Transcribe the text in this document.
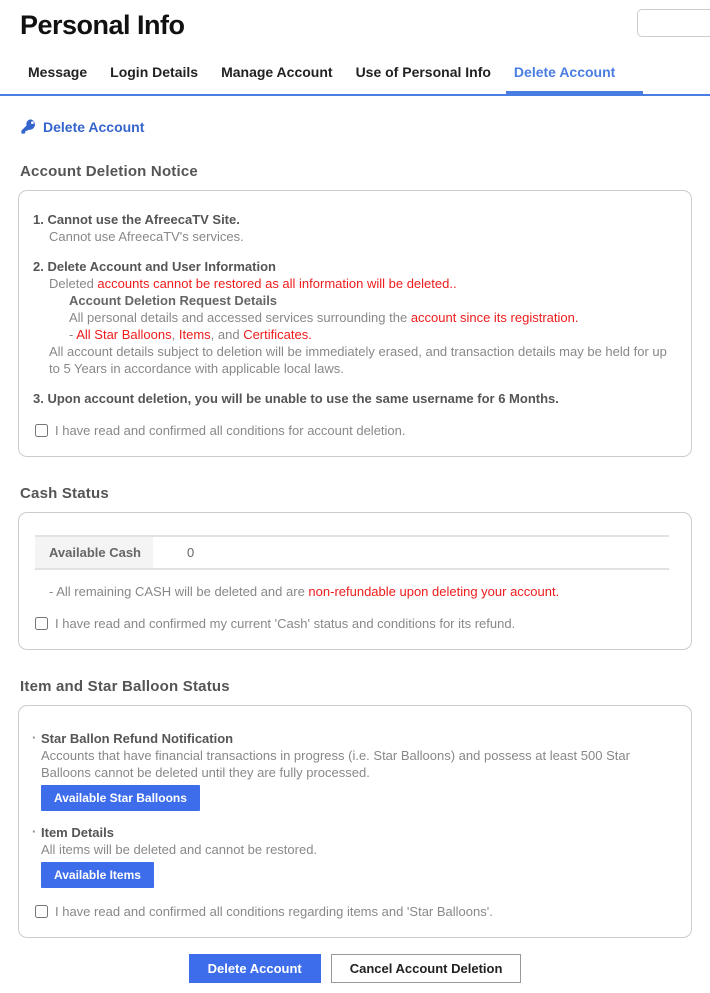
Personal Info
Message Login Details Manage Account Use of Personal Info Delete Account
Delete Account
Account Deletion Notice
1. Cannot use the AfreecaTV Site.
Cannot use AfreecaTV's services.
2. Delete Account and User Information
Deleted accounts cannot be restored as all information will be deleted..
Account Deletion Request Details
All personal details and accessed services surrounding the account since its registration.
- All Star Balloons, Items, and Certificates.
All account details subject to deletion will be immediately erased, and transaction details may be held for up to 5 Years in accordance with applicable local laws.
3. Upon account deletion, you will be unable to use the same username for 6 Months.
I have read and confirmed all conditions for account deletion.
Cash Status
Available Cash	0
- All remaining CASH will be deleted and are non-refundable upon deleting your account.
I have read and confirmed my current 'Cash' status and conditions for its refund.
Item and Star Balloon Status
· Star Ballon Refund Notification
Accounts that have financial transactions in progress (i.e. Star Balloons) and possess at least 500 Star Balloons cannot be deleted until they are fully processed.
Available Star Balloons
· Item Details
All items will be deleted and cannot be restored.
Available Items
I have read and confirmed all conditions regarding items and 'Star Balloons'.
Delete Account	Cancel Account Deletion
